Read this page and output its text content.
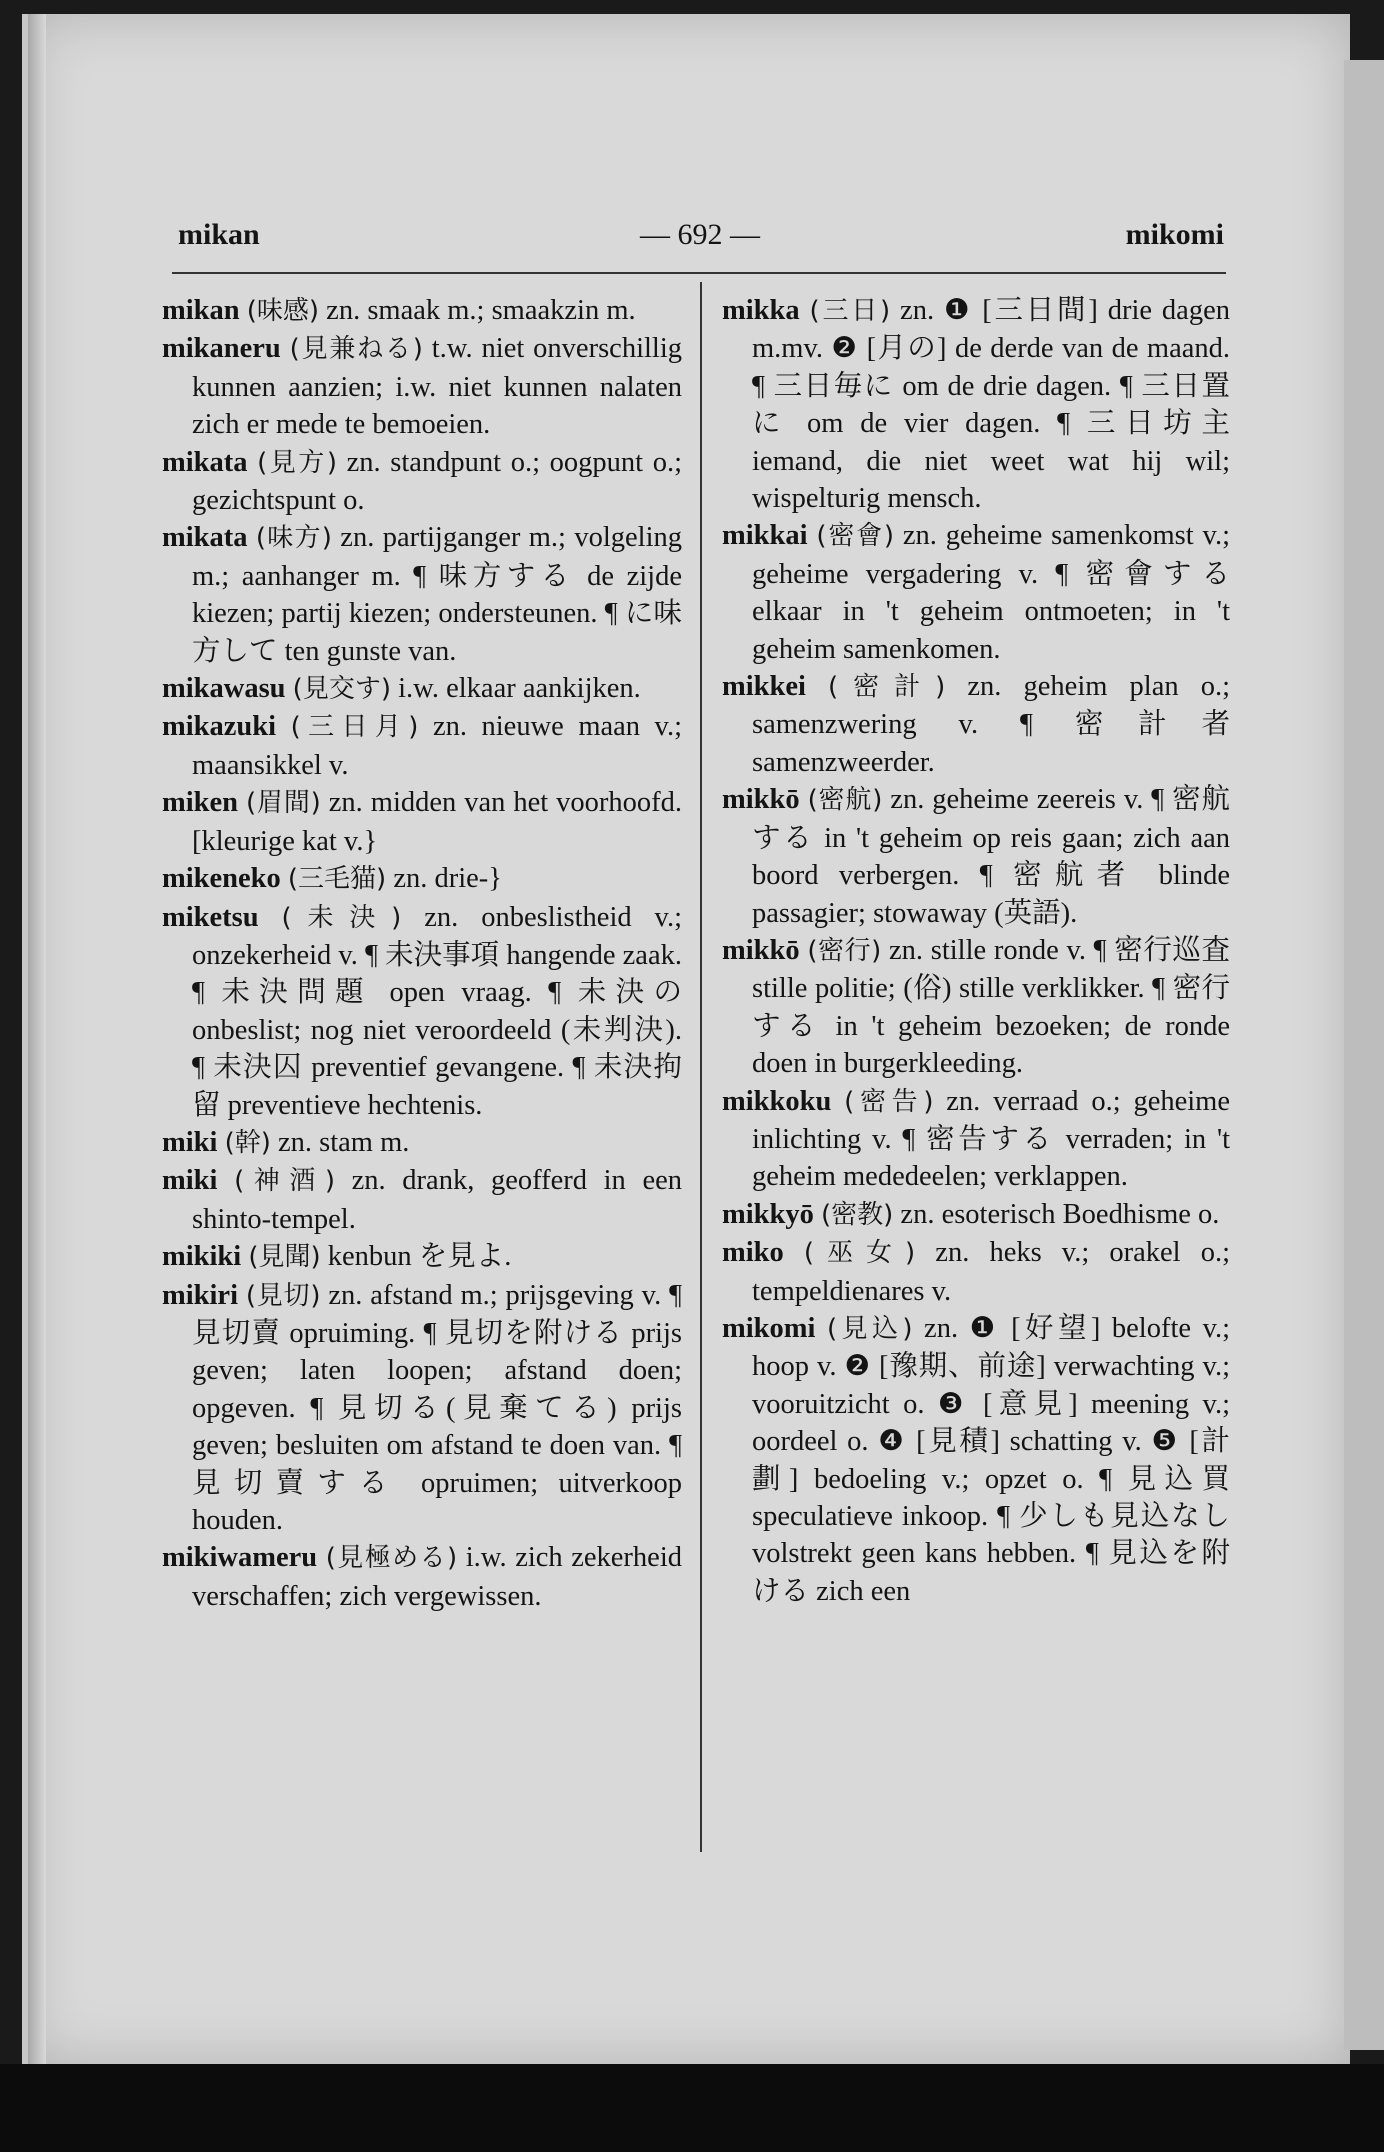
mikan	— 692 —	mikomi

mikan (味感) zn. smaak m.; smaakzin m.

mikaneru (見兼ねる) t.w. niet onverschillig kunnen aanzien; i.w. niet kunnen nalaten zich er mede te bemoeien.

mikata (見方) zn. standpunt o.; oogpunt o.; gezichtspunt o.

mikata (味方) zn. partijganger m.; volgeling m.; aanhanger m. ¶ 味方する de zijde kiezen; partij kiezen; ondersteunen. ¶ に味方して ten gunste van.

mikawasu (見交す) i.w. elkaar aankijken.

mikazuki (三日月) zn. nieuwe maan v.; maansikkel v.

miken (眉間) zn. midden van het voorhoofd. [kleurige kat v.}

mikeneko (三毛猫) zn. drie-}

miketsu (未決) zn. onbeslistheid v.; onzekerheid v. ¶ 未決事項 hangende zaak. ¶ 未決問題 open vraag. ¶ 未決の onbeslist; nog niet veroordeeld (未判決). ¶ 未決囚 preventief gevangene. ¶ 未決拘留 preventieve hechtenis.

miki (幹) zn. stam m.

miki (神酒) zn. drank, geofferd in een shinto-tempel.

mikiki (見聞) kenbun を見よ.

mikiri (見切) zn. afstand m.; prijsgeving v. ¶ 見切賣 opruiming. ¶ 見切を附ける prijs geven; laten loopen; afstand doen; opgeven. ¶ 見切る(見棄てる) prijs geven; besluiten om afstand te doen van. ¶ 見切賣する opruimen; uitverkoop houden.

mikiwameru (見極める) i.w. zich zekerheid verschaffen; zich vergewissen.

mikka (三日) zn. ❶ [三日間] drie dagen m.mv. ❷ [月の] de derde van de maand. ¶ 三日毎に om de drie dagen. ¶ 三日置に om de vier dagen. ¶ 三日坊主 iemand, die niet weet wat hij wil; wispelturig mensch.

mikkai (密會) zn. geheime samenkomst v.; geheime vergadering v. ¶ 密會する elkaar in 't geheim ontmoeten; in 't geheim samenkomen.

mikkei (密計) zn. geheim plan o.; samenzwering v. ¶ 密計者 samenzweerder.

mikkō (密航) zn. geheime zeereis v. ¶ 密航する in 't geheim op reis gaan; zich aan boord verbergen. ¶ 密航者 blinde passagier; stowaway (英語).

mikkō (密行) zn. stille ronde v. ¶ 密行巡査 stille politie; (俗) stille verklikker. ¶ 密行する in 't geheim bezoeken; de ronde doen in burgerkleeding.

mikkoku (密告) zn. verraad o.; geheime inlichting v. ¶ 密告する verraden; in 't geheim mededeelen; verklappen.

mikkyō (密教) zn. esoterisch Boedhisme o.

miko (巫女) zn. heks v.; orakel o.; tempeldienares v.

mikomi (見込) zn. ❶ [好望] belofte v.; hoop v. ❷ [豫期、前途] verwachting v.; vooruitzicht o. ❸ [意見] meening v.; oordeel o. ❹ [見積] schatting v. ❺ [計劃] bedoeling v.; opzet o. ¶ 見込買 speculatieve inkoop. ¶ 少しも見込なし volstrekt geen kans hebben. ¶ 見込を附ける zich een
